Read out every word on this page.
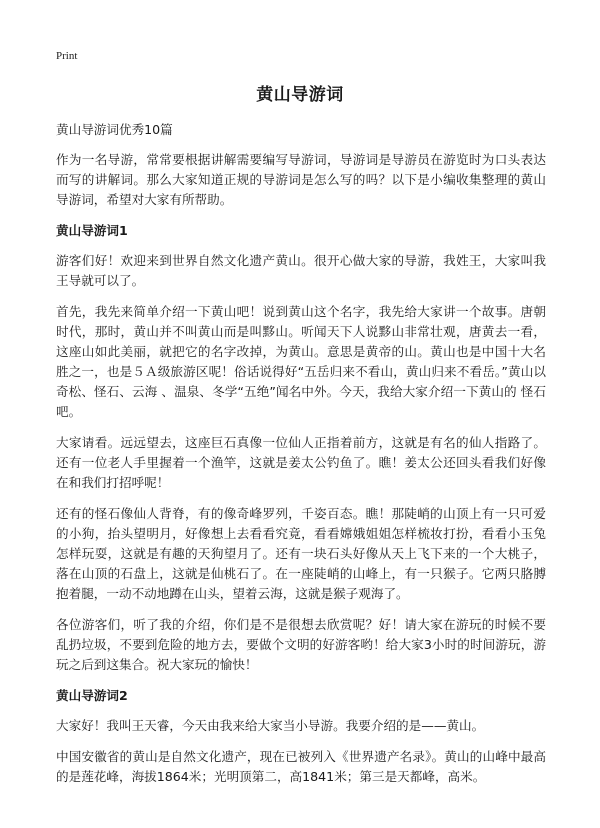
Print
黄山导游词

黄山导游词优秀10篇

作为一名导游，常常要根据讲解需要编写导游词，导游词是导游员在游览时为口头表达而写的讲解词。那么大家知道正规的导游词是怎么写的吗？以下是小编收集整理的黄山导游词，希望对大家有所帮助。

黄山导游词1

游客们好！欢迎来到世界自然文化遗产黄山。很开心做大家的导游，我姓王，大家叫我王导就可以了。

首先，我先来简单介绍一下黄山吧！说到黄山这个名字，我先给大家讲一个故事。唐朝时代，那时，黄山并不叫黄山而是叫黟山。听闻天下人说黟山非常壮观，唐黄去一看，这座山如此美丽，就把它的名字改掉，为黄山。意思是黄帝的山。黄山也是中国十大名胜之一，也是５Ａ级旅游区呢！俗话说得好“五岳归来不看山，黄山归来不看岳。”黄山以奇松、怪石、云海 、温泉、冬学“五绝”闻名中外。今天，我给大家介绍一下黄山的 怪石吧。

大家请看。远远望去，这座巨石真像一位仙人正指着前方，这就是有名的仙人指路了。还有一位老人手里握着一个渔竿，这就是姜太公钓鱼了。瞧！姜太公还回头看我们好像在和我们打招呼呢！

还有的怪石像仙人背脊，有的像奇峰罗列，千姿百态。瞧！那陡峭的山顶上有一只可爱的小狗，抬头望明月，好像想上去看看究竟，看看嫦娥姐姐怎样梳妆打扮，看看小玉兔怎样玩耍，这就是有趣的天狗望月了。还有一块石头好像从天上飞下来的一个大桃子，落在山顶的石盘上，这就是仙桃石了。在一座陡峭的山峰上，有一只猴子。它两只胳膊抱着腿，一动不动地蹲在山头，望着云海，这就是猴子观海了。

各位游客们，听了我的介绍，你们是不是很想去欣赏呢？好！请大家在游玩的时候不要乱扔垃圾，不要到危险的地方去，要做个文明的好游客哟！给大家3小时的时间游玩，游玩之后到这集合。祝大家玩的愉快！

黄山导游词2

大家好！我叫王天睿，今天由我来给大家当小导游。我要介绍的是——黄山。

中国安徽省的黄山是自然文化遗产，现在已被列入《世界遗产名录》。黄山的山峰中最高的是莲花峰，海拔1864米；光明顶第二，高1841米；第三是天都峰，高米。
